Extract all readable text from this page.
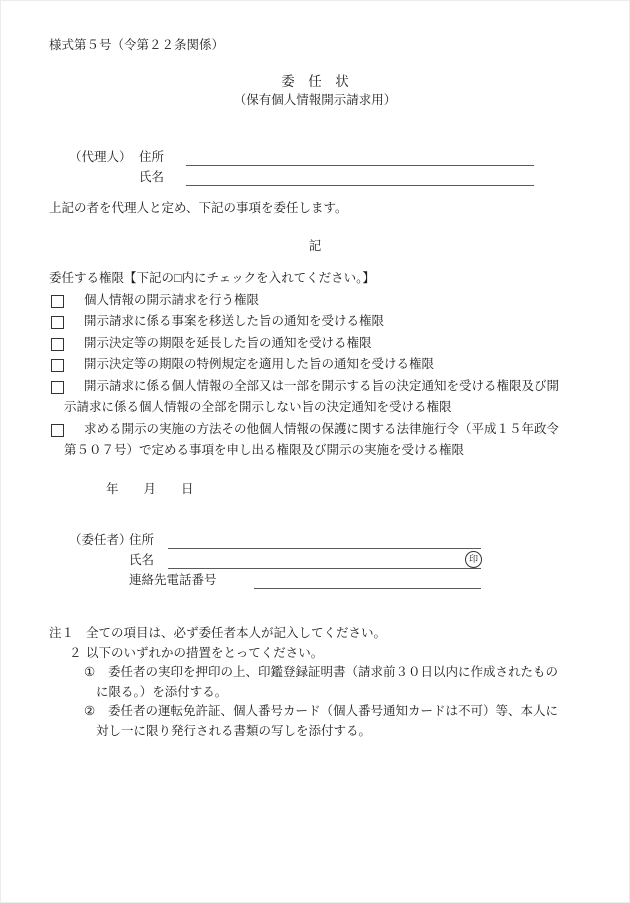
様式第５号（令第２２条関係）
委　任　状
（保有個人情報開示請求用）
（代理人） 住所
氏名
上記の者を代理人と定め、下記の事項を委任します。
記
委任する権限【下記の□内にチェックを入れてください。】
個人情報の開示請求を行う権限
開示請求に係る事案を移送した旨の通知を受ける権限
開示決定等の期限を延長した旨の通知を受ける権限
開示決定等の期限の特例規定を適用した旨の通知を受ける権限
開示請求に係る個人情報の全部又は一部を開示する旨の決定通知を受ける権限及び開
示請求に係る個人情報の全部を開示しない旨の決定通知を受ける権限
求める開示の実施の方法その他個人情報の保護に関する法律施行令（平成１５年政令
第５０７号）で定める事項を申し出る権限及び開示の実施を受ける権限
年　　月　　日
（委任者）
住所
氏名	印
連絡先電話番号
注１ 全ての項目は、必ず委任者本人が記入してください。
２ 以下のいずれかの措置をとってください。
① 委任者の実印を押印の上、印鑑登録証明書（請求前３０日以内に作成されたもの
に限る。）を添付する。
② 委任者の運転免許証、個人番号カード（個人番号通知カードは不可）等、本人に
対し一に限り発行される書類の写しを添付する。
